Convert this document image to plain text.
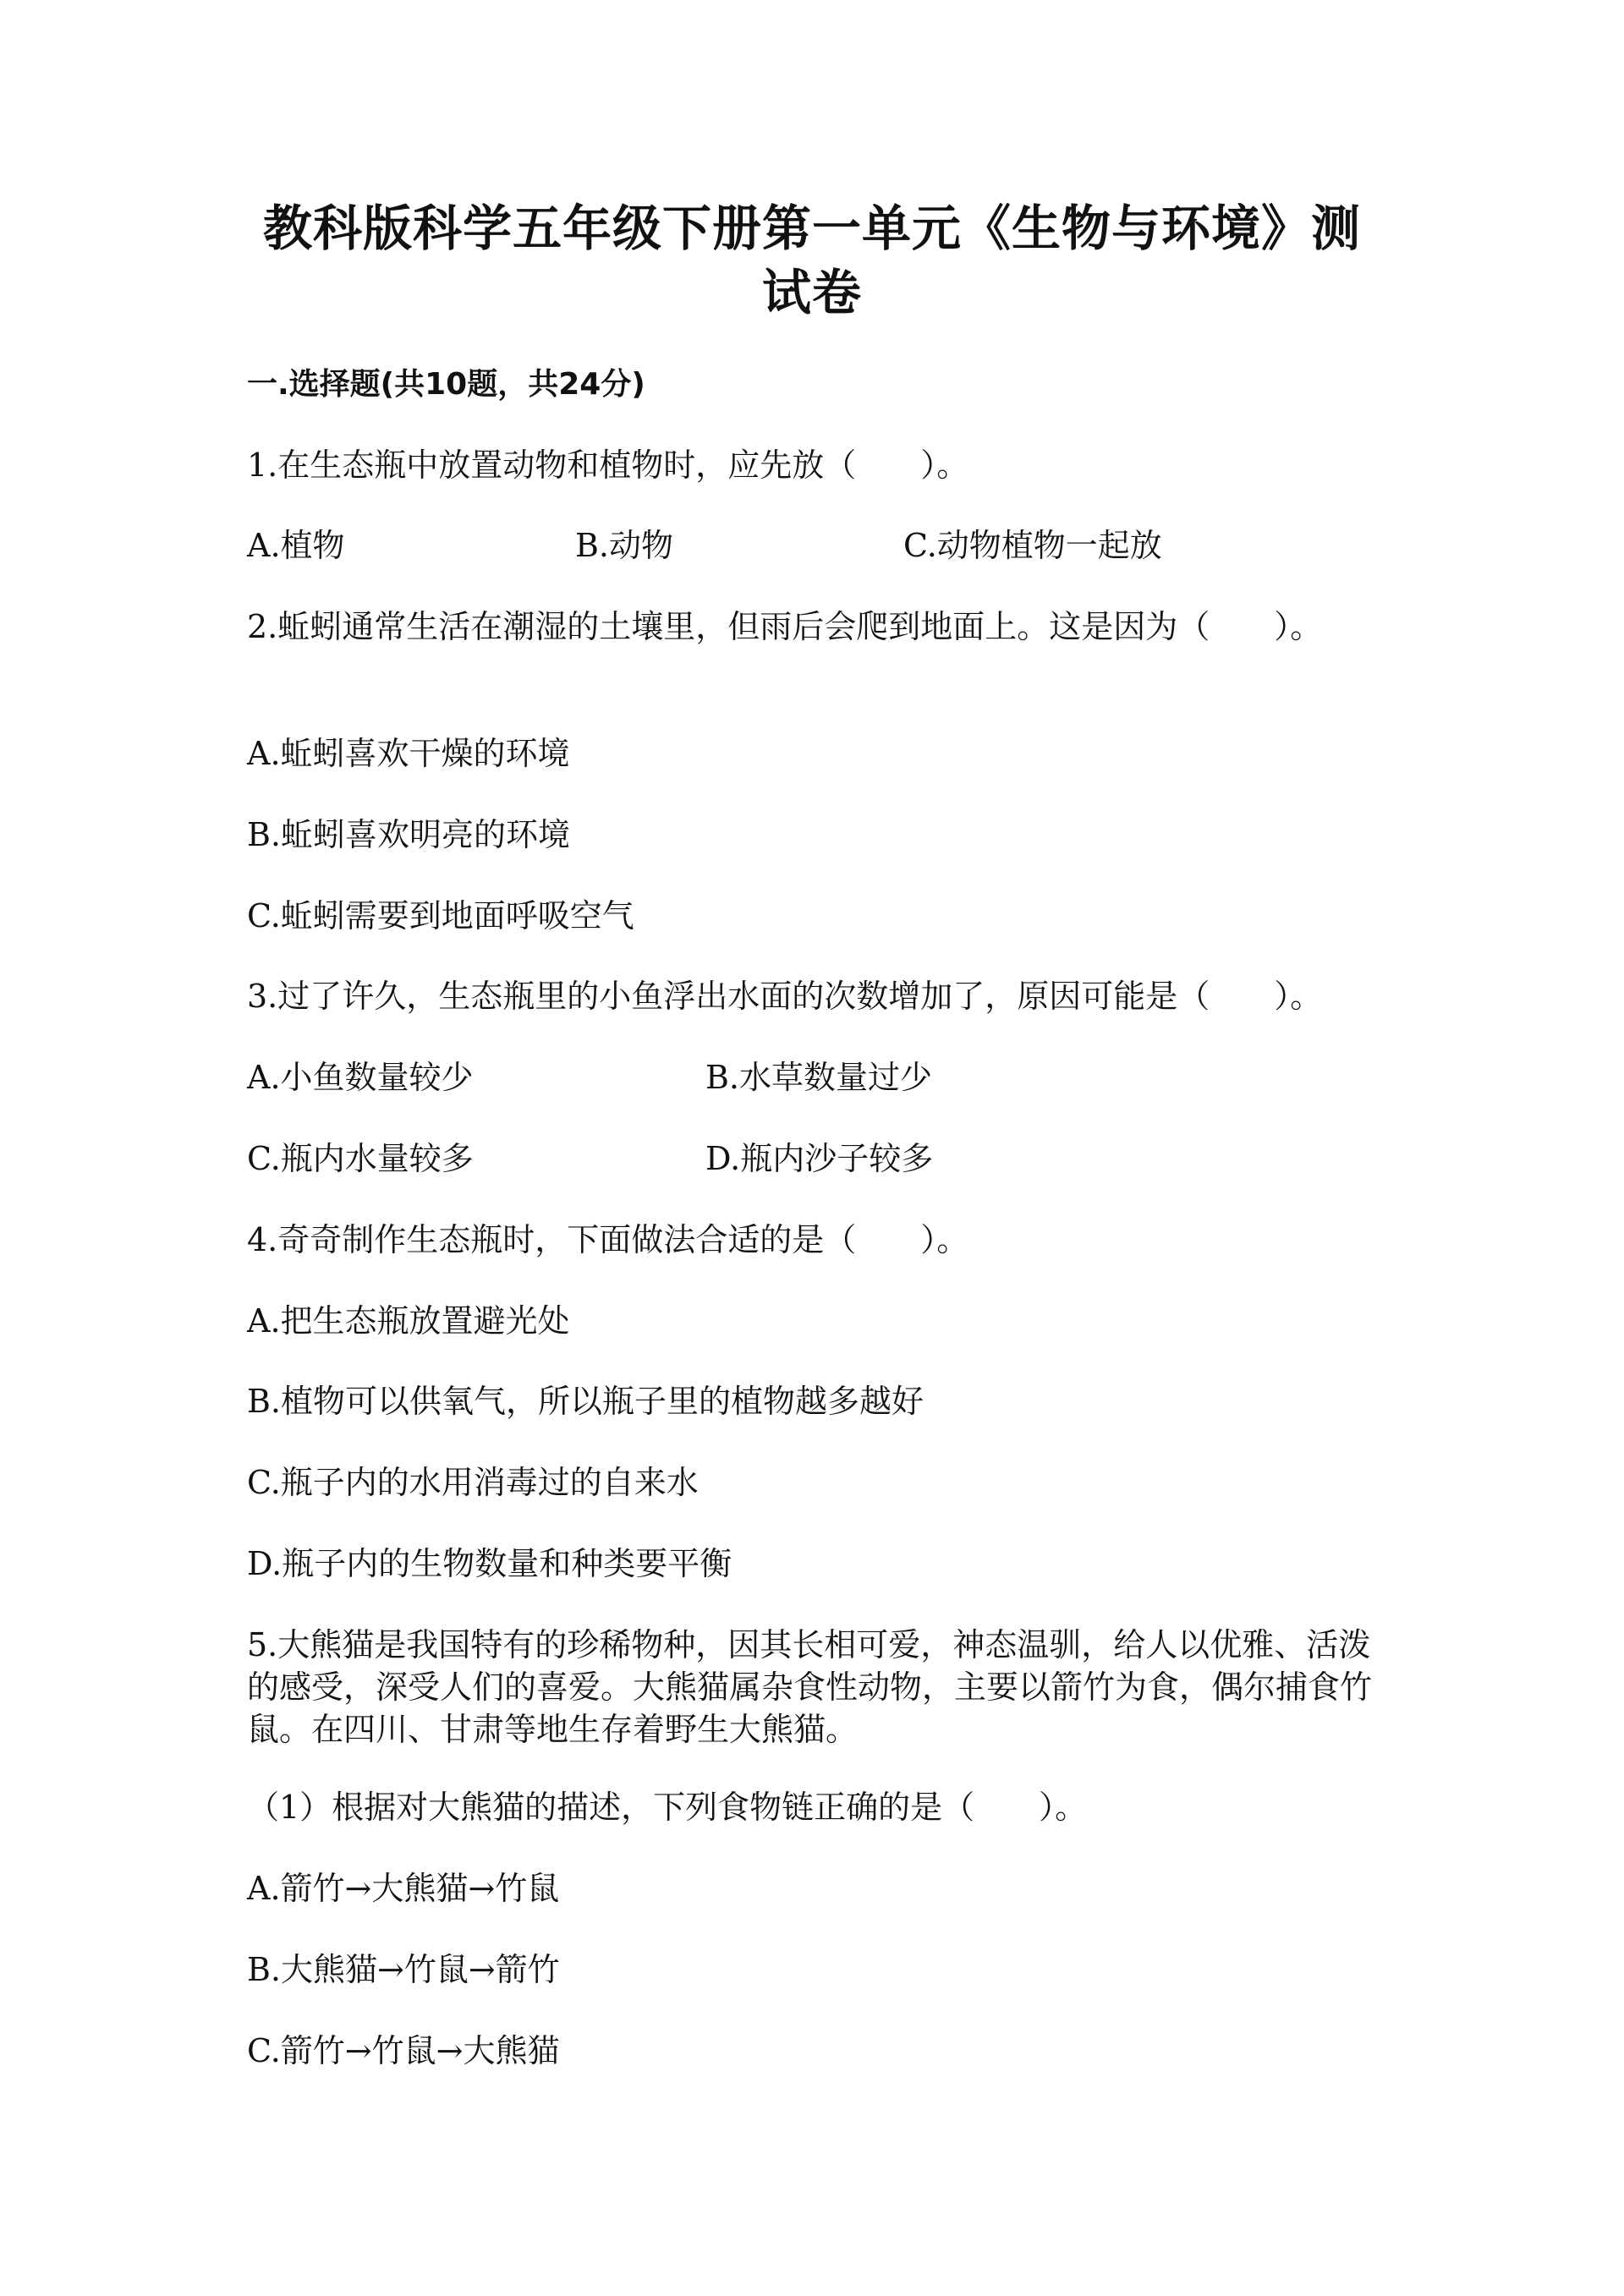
教科版科学五年级下册第一单元《生物与环境》测
试卷
一.选择题(共10题，共24分)
1.在生态瓶中放置动物和植物时，应先放（　　）。
A.植物	B.动物	C.动物植物一起放
2.蚯蚓通常生活在潮湿的土壤里，但雨后会爬到地面上。这是因为（　　）。
A.蚯蚓喜欢干燥的环境
B.蚯蚓喜欢明亮的环境
C.蚯蚓需要到地面呼吸空气
3.过了许久，生态瓶里的小鱼浮出水面的次数增加了，原因可能是（　　）。
A.小鱼数量较少	B.水草数量过少
C.瓶内水量较多	D.瓶内沙子较多
4.奇奇制作生态瓶时，下面做法合适的是（　　）。
A.把生态瓶放置避光处
B.植物可以供氧气，所以瓶子里的植物越多越好
C.瓶子内的水用消毒过的自来水
D.瓶子内的生物数量和种类要平衡
5.大熊猫是我国特有的珍稀物种，因其长相可爱，神态温驯，给人以优雅、活泼的感受，深受人们的喜爱。大熊猫属杂食性动物，主要以箭竹为食，偶尔捕食竹鼠。在四川、甘肃等地生存着野生大熊猫。
（1）根据对大熊猫的描述，下列食物链正确的是（　　）。
A.箭竹→大熊猫→竹鼠
B.大熊猫→竹鼠→箭竹
C.箭竹→竹鼠→大熊猫
